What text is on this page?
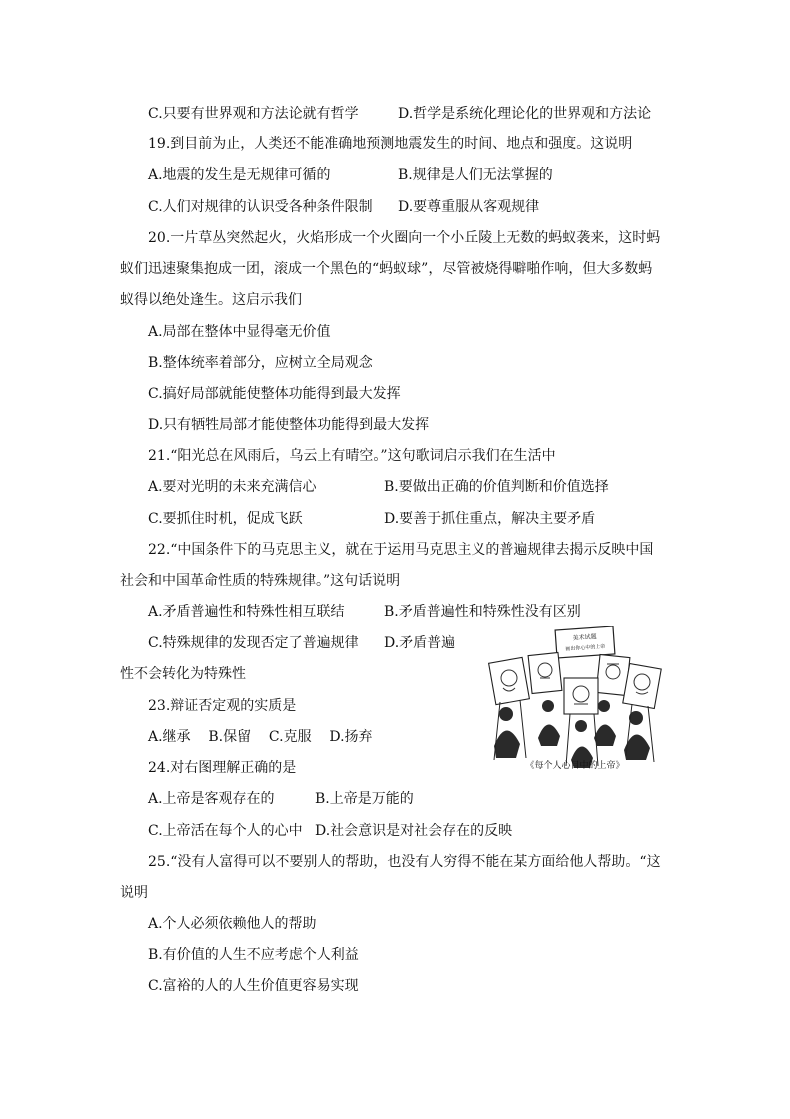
C.只要有世界观和方法论就有哲学	D.哲学是系统化理论化的世界观和方法论
19.到目前为止，人类还不能准确地预测地震发生的时间、地点和强度。这说明
A.地震的发生是无规律可循的	B.规律是人们无法掌握的
C.人们对规律的认识受各种条件限制 D.要尊重服从客观规律
20.一片草丛突然起火，火焰形成一个火圈向一个小丘陵上无数的蚂蚁袭来，这时蚂
蚁们迅速聚集抱成一团，滚成一个黑色的“蚂蚁球”，尽管被烧得噼啪作响，但大多数蚂
蚁得以绝处逢生。这启示我们
A.局部在整体中显得毫无价值
B.整体统率着部分，应树立全局观念
C.搞好局部就能使整体功能得到最大发挥
D.只有牺牲局部才能使整体功能得到最大发挥
21.“阳光总在风雨后，乌云上有晴空。”这句歌词启示我们在生活中
A.要对光明的未来充满信心	B.要做出正确的价值判断和价值选择
C.要抓住时机，促成飞跃	D.要善于抓住重点，解决主要矛盾
22.“中国条件下的马克思主义，就在于运用马克思主义的普遍规律去揭示反映中国
社会和中国革命性质的特殊规律。”这句话说明
A.矛盾普遍性和特殊性相互联结	B.矛盾普遍性和特殊性没有区别
C.特殊规律的发现否定了普遍规律 D.矛盾普遍
性不会转化为特殊性
23.辩证否定观的实质是
A.继承    B.保留    C.克服    D.扬弃
24.对右图理解正确的是
A.上帝是客观存在的	B.上帝是万能的
C.上帝活在每个人的心中 D.社会意识是对社会存在的反映
25.“没有人富得可以不要别人的帮助，也没有人穷得不能在某方面给他人帮助。“这
说明
A.个人必须依赖他人的帮助
B.有价值的人生不应考虑个人利益
C.富裕的人的人生价值更容易实现
美术试题
画出你心中的上帝
《每个人心目中的上帝》
